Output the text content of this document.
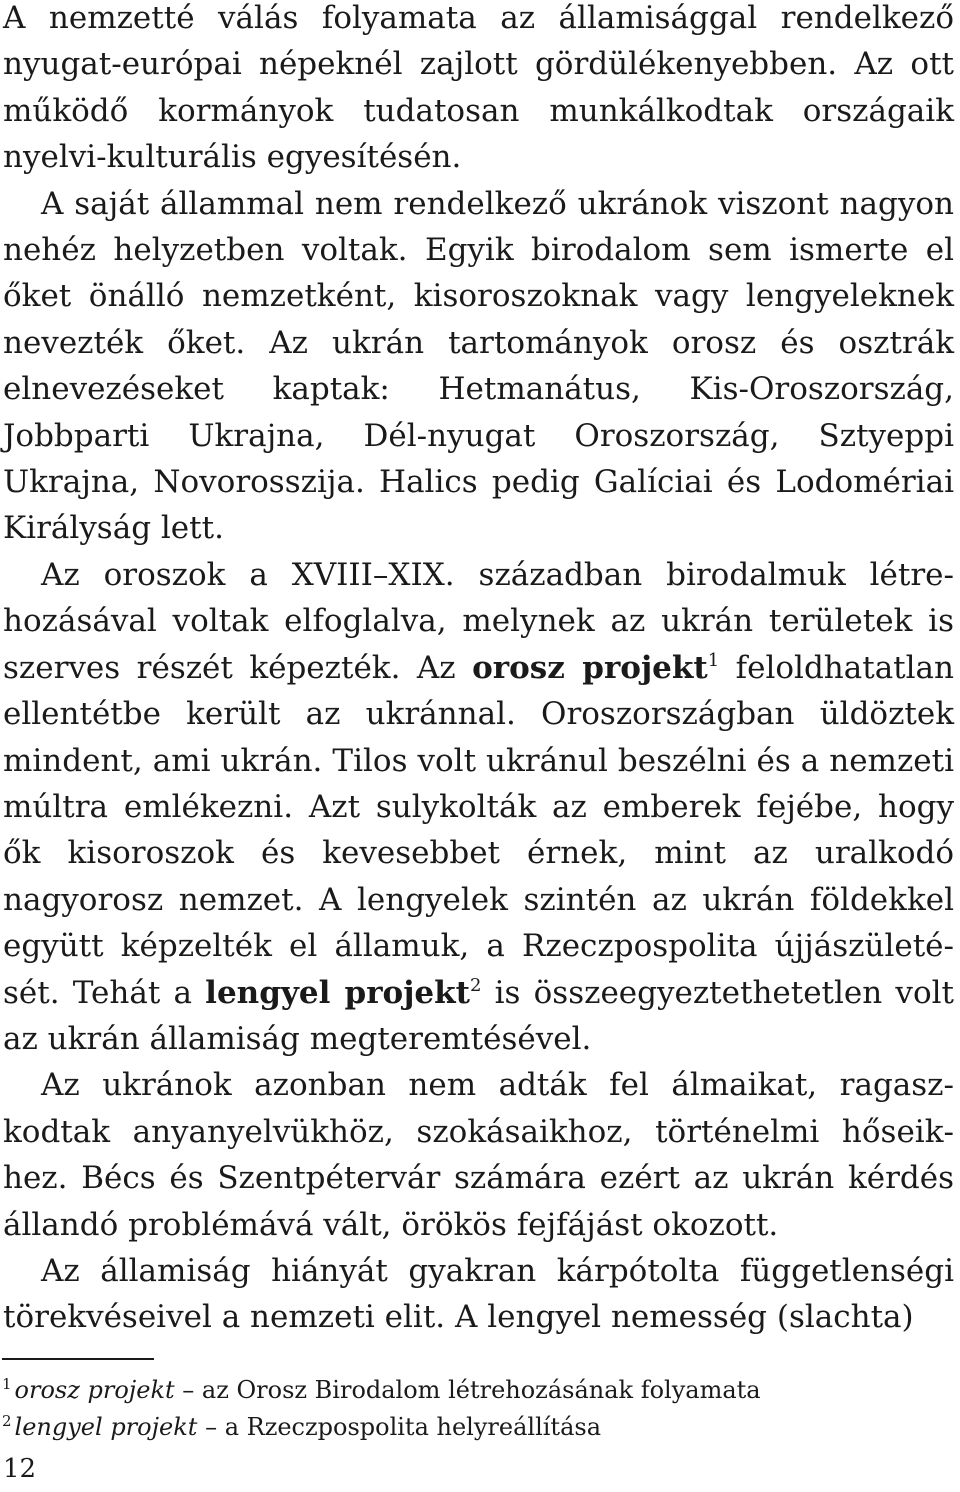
A nemzetté válás folyamata az államisággal rendelkező nyugat-európai népeknél zajlott gördülékenyebben. Az ott működő kormányok tudatosan munkálkodtak országaik nyelvi-kulturális egyesítésén.

A saját állammal nem rendelkező ukránok viszont nagyon nehéz helyzetben voltak. Egyik birodalom sem ismerte el őket önálló nemzetként, kisoroszoknak vagy lengyeleknek nevezték őket. Az ukrán tartományok orosz és osztrák elnevezéseket kaptak: Hetmanátus, Kis-Oroszország, Jobbparti Ukrajna, Dél-nyugat Oroszország, Sztyeppi Ukrajna, Novorosszija. Halics pedig Galíciai és Lodomériai Királyság lett.

Az oroszok a XVIII–XIX. században birodalmuk létrehozásával voltak elfoglalva, melynek az ukrán területek is szerves részét képezték. Az orosz projekt$^1$ feloldhatatlan ellentétbe került az ukránnal. Oroszországban üldöztek mindent, ami ukrán. Tilos volt ukránul beszélni és a nemzeti múltra emlékezni. Azt sulykolták az emberek fejébe, hogy ők kisoroszok és kevesebbet érnek, mint az uralkodó nagyorosz nemzet. A lengyelek szintén az ukrán földekkel együtt képzelték el államuk, a Rzeczpospolita újjászületését. Tehát a lengyel projekt$^2$ is összeegyeztethetetlen volt az ukrán államiság megteremtésével.

Az ukránok azonban nem adták fel álmaikat, ragaszkodtak anyanyelvükhöz, szokásaikhoz, történelmi hőseikhez. Bécs és Szentpétervár számára ezért az ukrán kérdés állandó problémává vált, örökös fejfájást okozott.

Az államiság hiányát gyakran kárpótolta függetlenségi törekvéseivel a nemzeti elit. A lengyel nemesség (slachta)

$^1$ orosz projekt – az Orosz Birodalom létrehozásának folyamata
$^2$ lengyel projekt – a Rzeczpospolita helyreállítása
12
